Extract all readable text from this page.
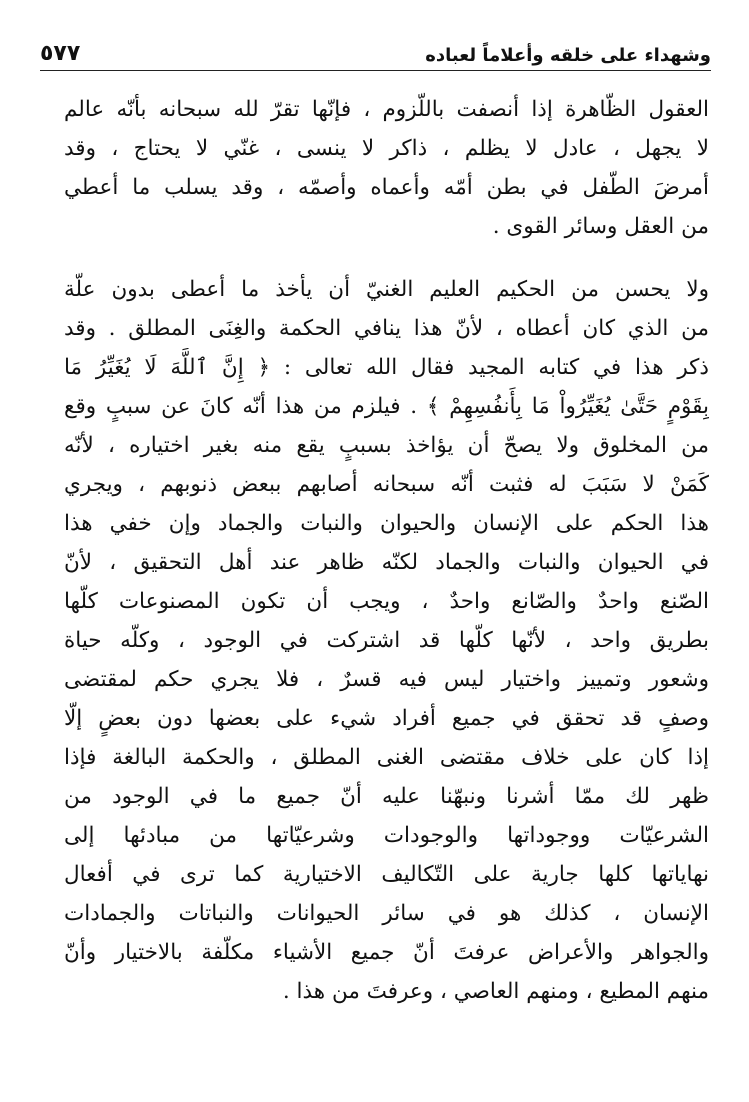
وشهداء على خلقه وأعلاماً لعباده
٥٧٧

العقول الظّاهرة إذا أنصفت باللّزوم ، فإنّها تقرّ لله سبحانه بأنّه عالم
لا يجهل ، عادل لا يظلم ، ذاكر لا ينسى ، غنّي لا يحتاج ، وقد
أمرضَ الطّفل في بطن أمّه وأعماه وأصمّه ، وقد يسلب ما أعطي
من العقل وسائر القوى .

ولا يحسن من الحكيم العليم الغنيّ أن يأخذ ما أعطى بدون علّة
من الذي كان أعطاه ، لأنّ هذا ينافي الحكمة والغِنَى المطلق . وقد
ذكر هذا في كتابه المجيد فقال الله تعالى : ﴿ إِنَّ ٱللَّهَ لَا يُغَيِّرُ مَا
بِقَوْمٍ حَتَّىٰ يُغَيِّرُواْ مَا بِأَنفُسِهِمْ ﴾ . فيلزم من هذا أنّه كانَ عن سببٍ وقع
من المخلوق ولا يصحّ أن يؤاخذ بسببٍ يقع منه بغير اختياره ، لأنّه
كَمَنْ لا سَبَبَ له فثبت أنّه سبحانه أصابهم ببعض ذنوبهم ، ويجري
هذا الحكم على الإنسان والحيوان والنبات والجماد وإن خفي هذا
في الحيوان والنبات والجماد لكنّه ظاهر عند أهل التحقيق ، لأنّ
الصّنع واحدٌ والصّانع واحدٌ ، ويجب أن تكون المصنوعات كلّها
بطريق واحد ، لأنّها كلّها قد اشتركت في الوجود ، وكلّه حياة
وشعور وتمييز واختيار ليس فيه قسرٌ ، فلا يجري حكم لمقتضى
وصفٍ قد تحقق في جميع أفراد شيء على بعضها دون بعضٍ إلّا
إذا كان على خلاف مقتضى الغنى المطلق ، والحكمة البالغة فإذا
ظهر لك ممّا أشرنا ونبهّنا عليه أنّ جميع ما في الوجود من
الشرعيّات ووجوداتها والوجودات وشرعيّاتها من مبادئها إلى
نهاياتها كلها جارية على التّكاليف الاختيارية كما ترى في أفعال
الإنسان ، كذلك هو في سائر الحيوانات والنباتات والجمادات
والجواهر والأعراض عرفتَ أنّ جميع الأشياء مكلّفة بالاختيار وأنّ
منهم المطيع ، ومنهم العاصي ، وعرفتَ من هذا .
